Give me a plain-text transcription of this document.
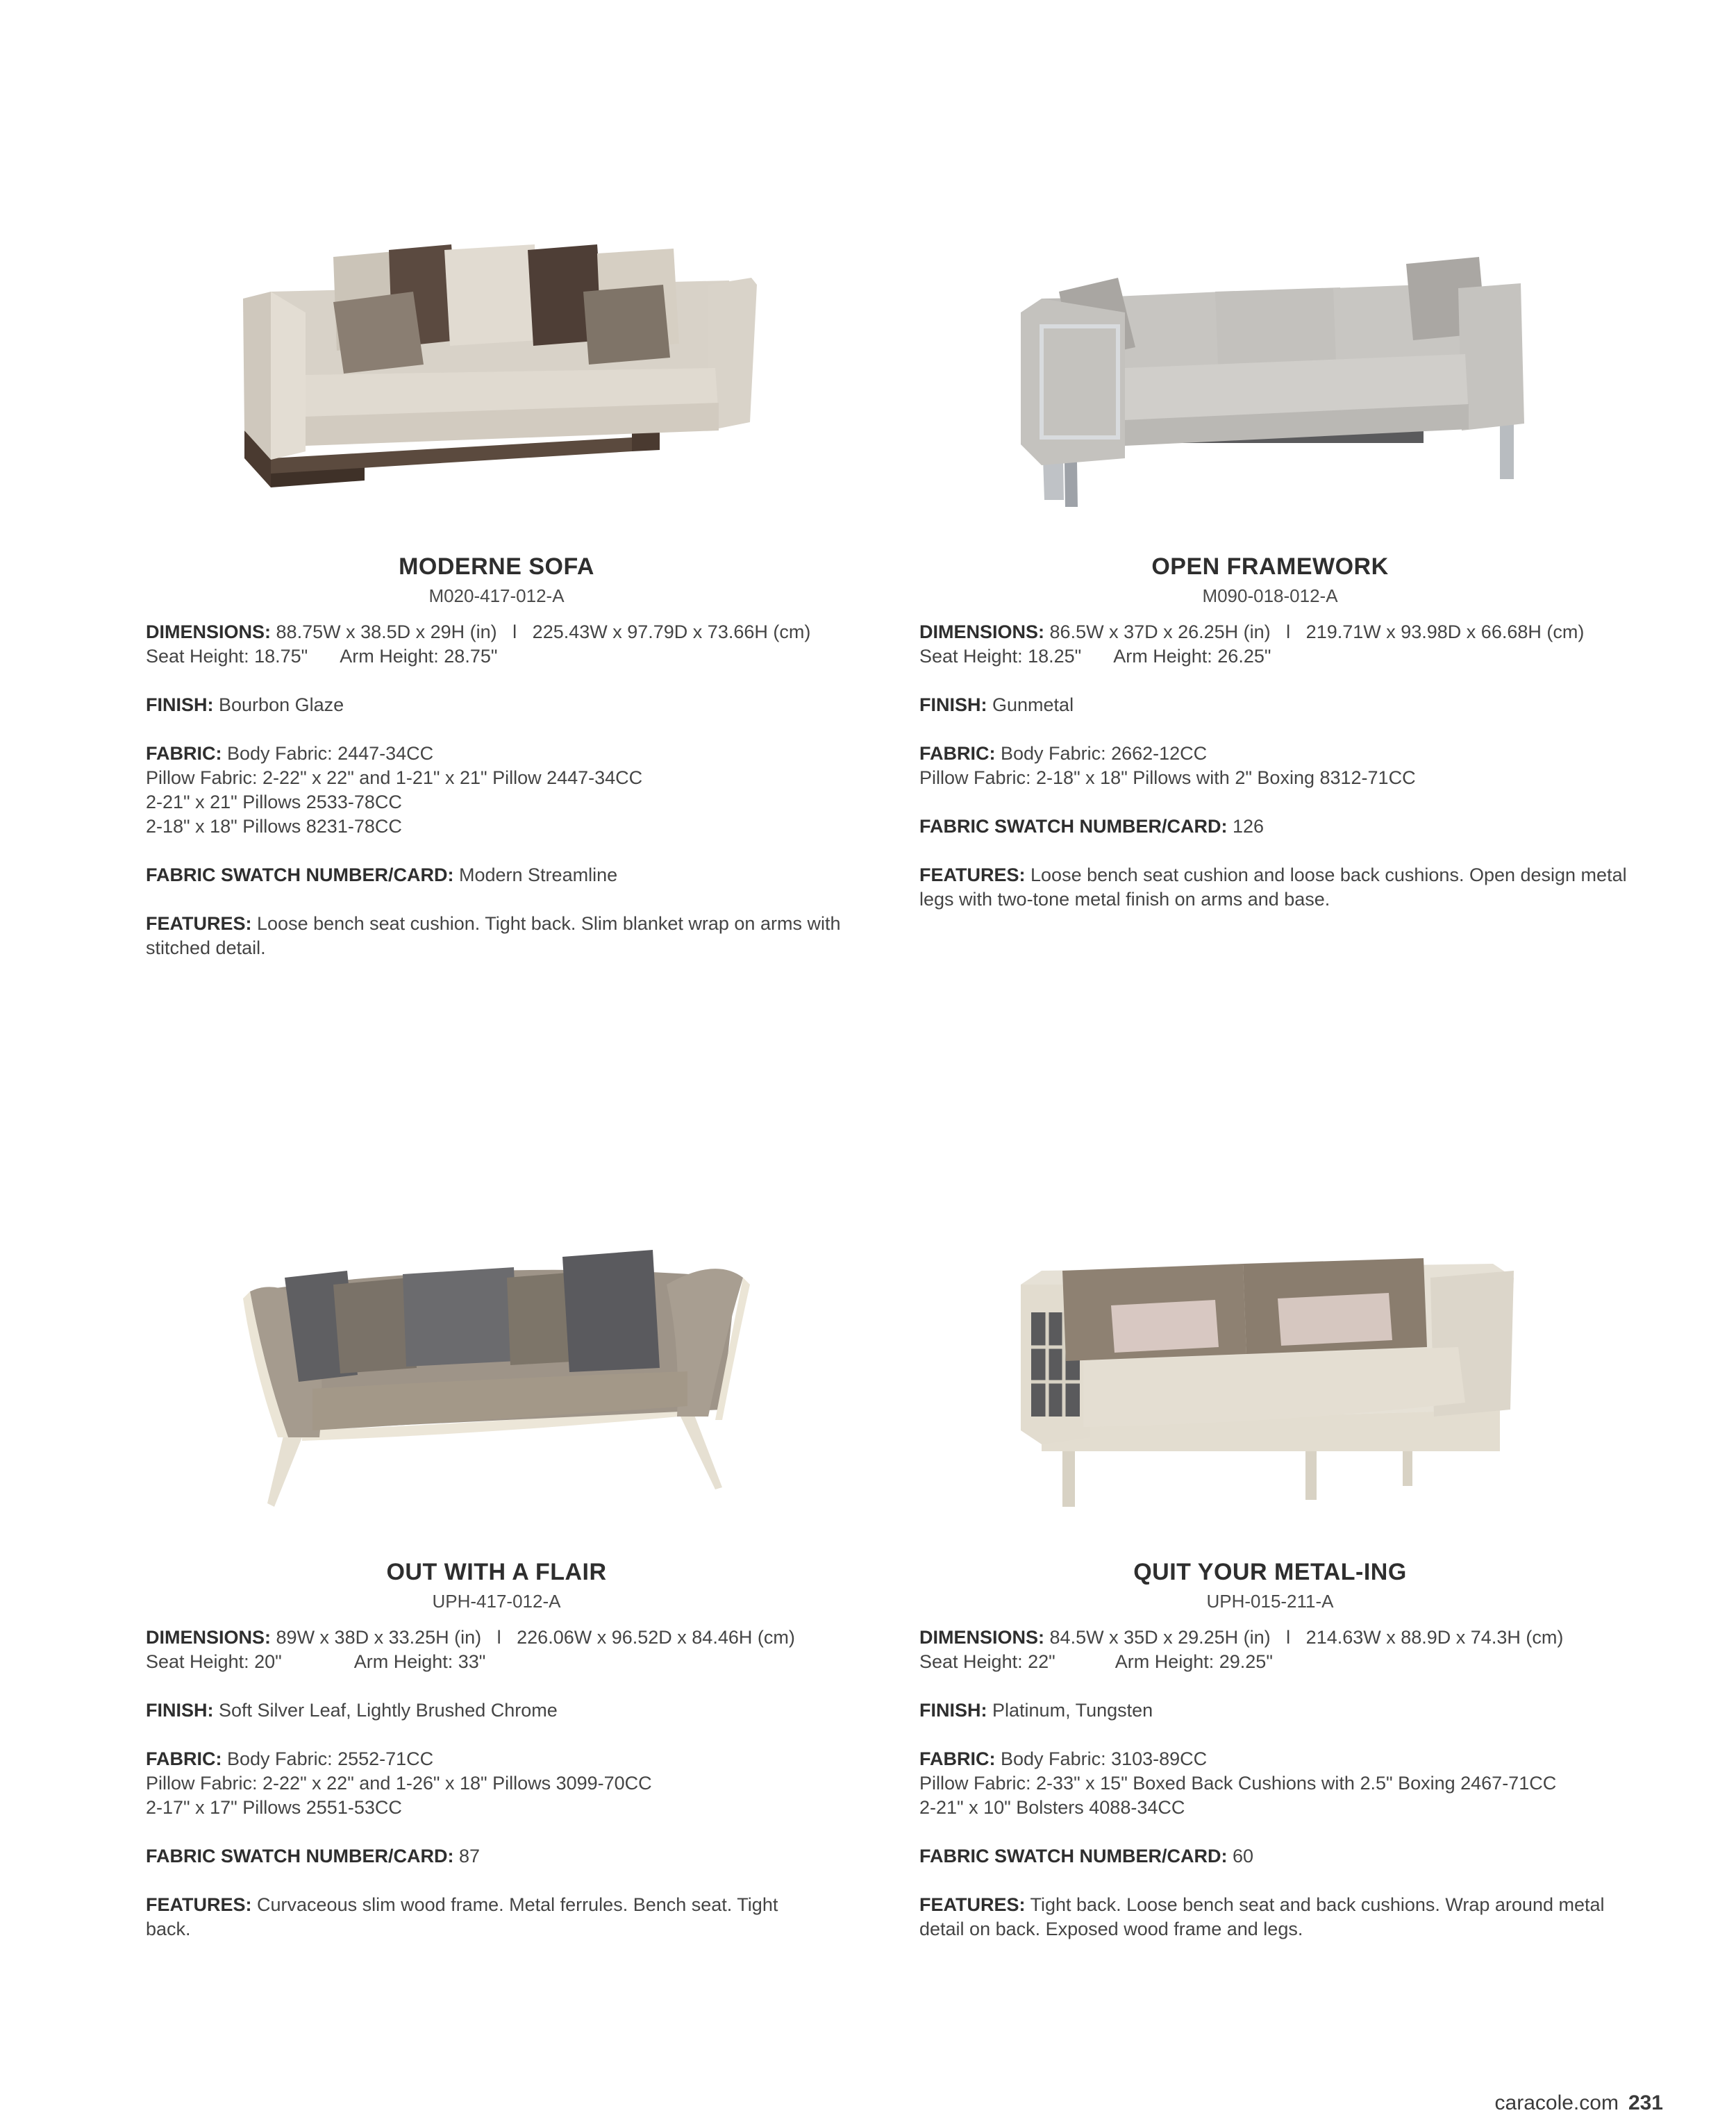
MODERNE SOFA
M020-417-012-A

DIMENSIONS: 88.75W x 38.5D x 29H (in)   l   225.43W x 97.79D x 73.66H (cm)
Seat Height: 18.75" Arm Height: 28.75"

FINISH: Bourbon Glaze

FABRIC: Body Fabric: 2447-34CC
Pillow Fabric: 2-22" x 22" and 1-21" x 21" Pillow 2447-34CC
2-21" x 21" Pillows 2533-78CC
2-18" x 18" Pillows 8231-78CC

FABRIC SWATCH NUMBER/CARD: Modern Streamline

FEATURES: Loose bench seat cushion. Tight back. Slim blanket wrap on arms with stitched detail.

OPEN FRAMEWORK
M090-018-012-A

DIMENSIONS: 86.5W x 37D x 26.25H (in)   l   219.71W x 93.98D x 66.68H (cm)
Seat Height: 18.25" Arm Height: 26.25"

FINISH: Gunmetal

FABRIC: Body Fabric: 2662-12CC
Pillow Fabric: 2-18" x 18" Pillows with 2" Boxing 8312-71CC

FABRIC SWATCH NUMBER/CARD: 126

FEATURES: Loose bench seat cushion and loose back cushions. Open design metal legs with two-tone metal finish on arms and base.

OUT WITH A FLAIR
UPH-417-012-A

DIMENSIONS: 89W x 38D x 33.25H (in)   l   226.06W x 96.52D x 84.46H (cm)
Seat Height: 20"	Arm Height: 33"

FINISH: Soft Silver Leaf, Lightly Brushed Chrome

FABRIC: Body Fabric: 2552-71CC
Pillow Fabric: 2-22" x 22" and 1-26" x 18" Pillows 3099-70CC
2-17" x 17" Pillows 2551-53CC

FABRIC SWATCH NUMBER/CARD: 87

FEATURES: Curvaceous slim wood frame. Metal ferrules. Bench seat. Tight back.

QUIT YOUR METAL-ING
UPH-015-211-A

DIMENSIONS: 84.5W x 35D x 29.25H (in)   l   214.63W x 88.9D x 74.3H (cm)
Seat Height: 22"	Arm Height: 29.25"

FINISH: Platinum, Tungsten

FABRIC: Body Fabric: 3103-89CC
Pillow Fabric: 2-33" x 15" Boxed Back Cushions with 2.5" Boxing 2467-71CC
2-21" x 10" Bolsters 4088-34CC

FABRIC SWATCH NUMBER/CARD: 60

FEATURES: Tight back. Loose bench seat and back cushions. Wrap around metal detail on back. Exposed wood frame and legs.

caracole.com 231
